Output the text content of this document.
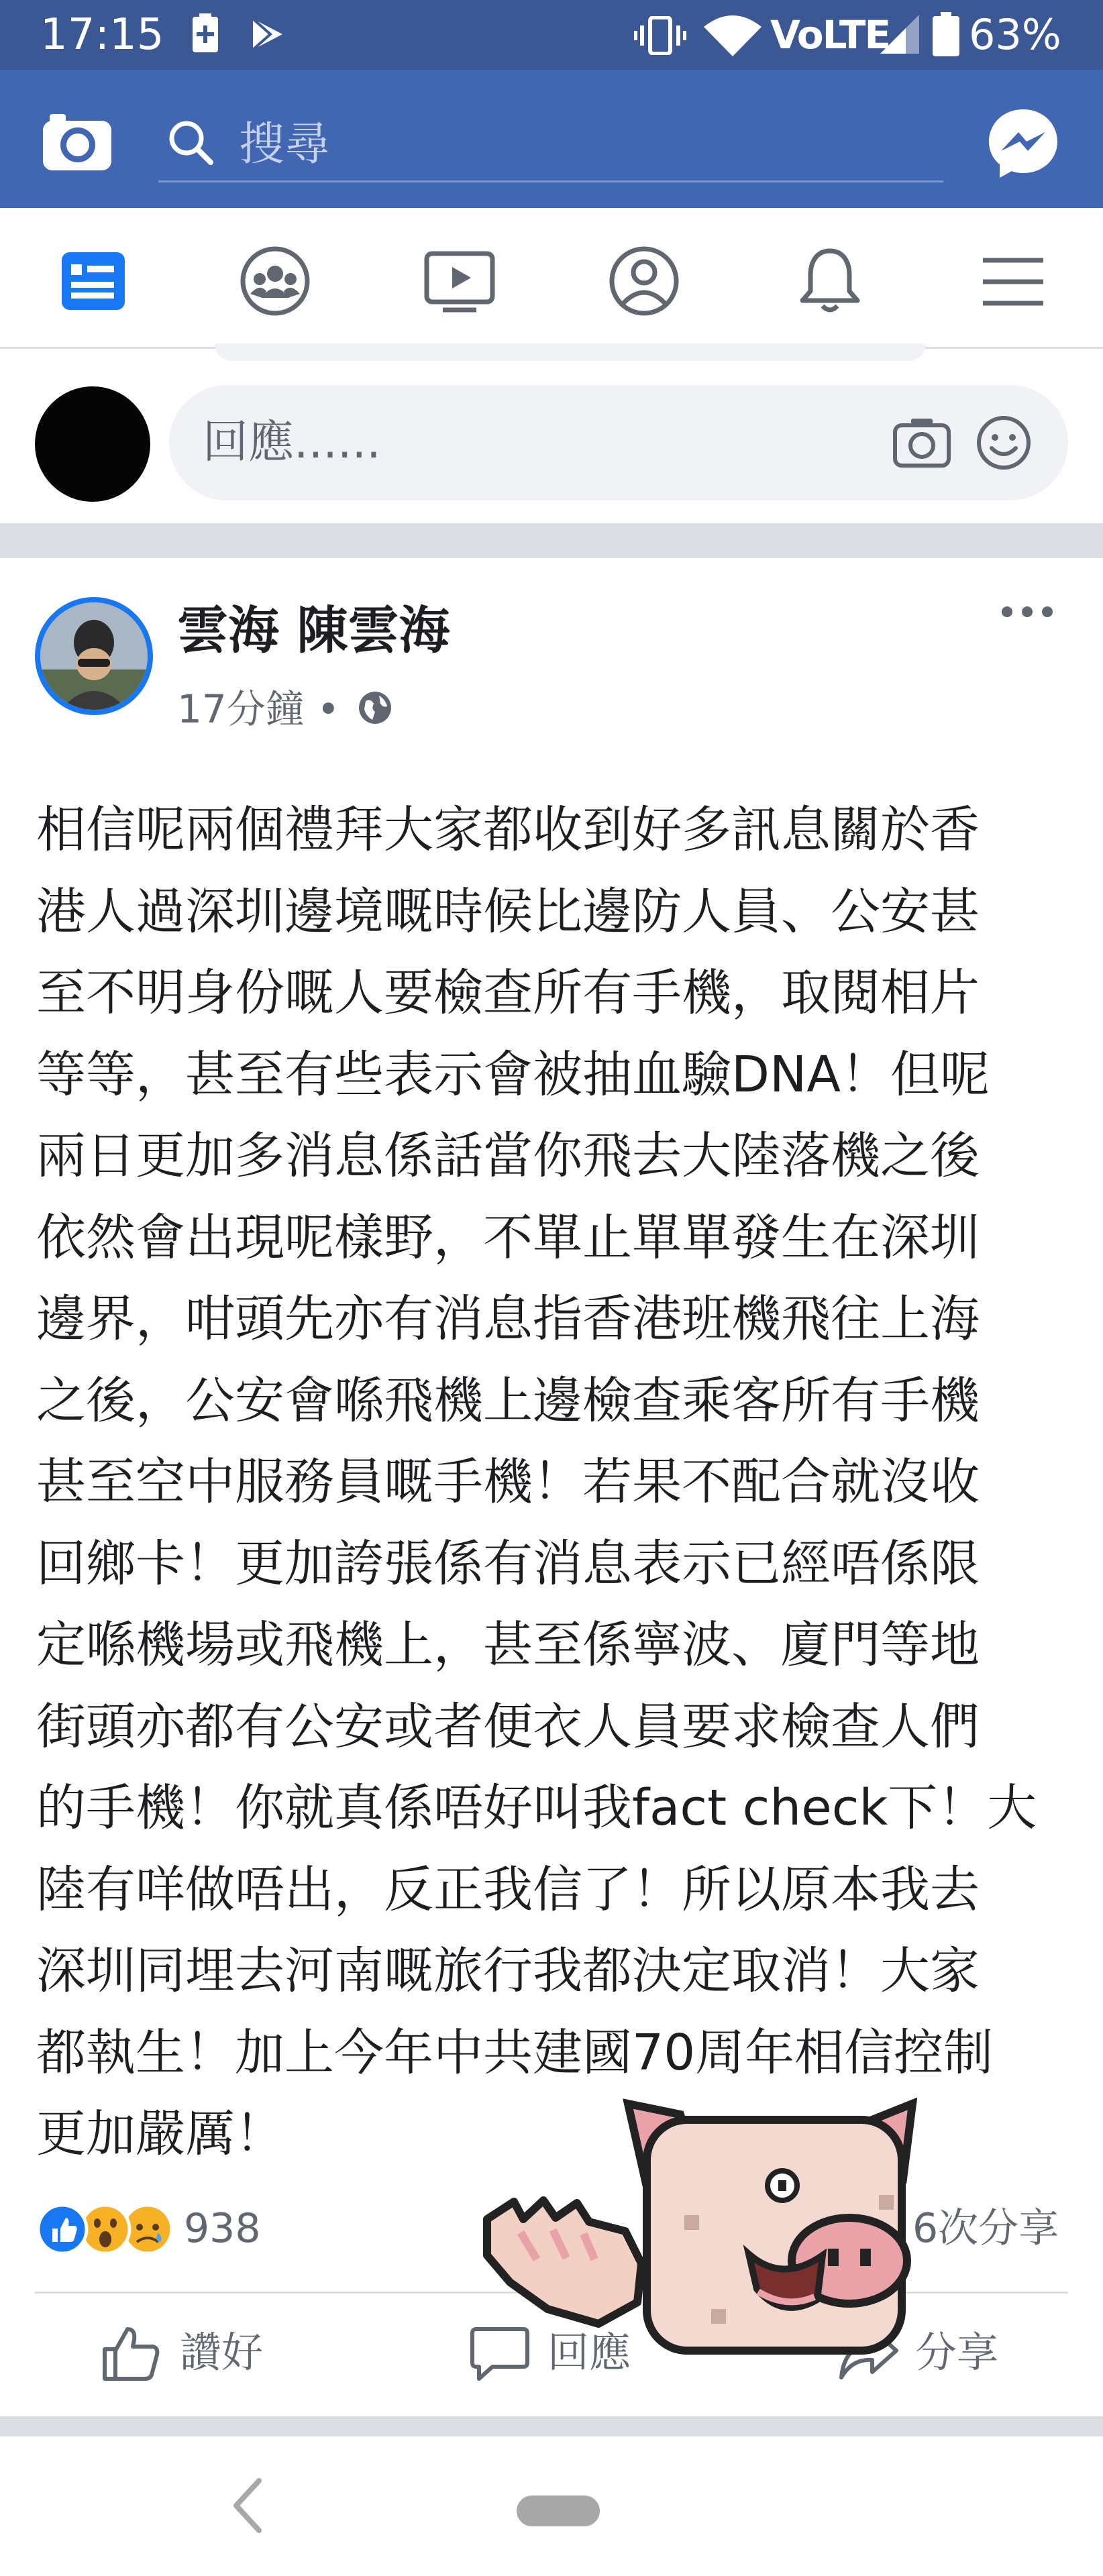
17:15	VoLTE 63%
搜尋
回應......
雲海 陳雲海
17分鐘 •
相信呢兩個禮拜大家都收到好多訊息關於香
港人過深圳邊境嘅時候比邊防人員、公安甚
至不明身份嘅人要檢查所有手機，取閱相片
等等，甚至有些表示會被抽血驗DNA！但呢
兩日更加多消息係話當你飛去大陸落機之後
依然會出現呢樣野，不單止單單發生在深圳
邊界，咁頭先亦有消息指香港班機飛往上海
之後，公安會喺飛機上邊檢查乘客所有手機
甚至空中服務員嘅手機！若果不配合就沒收
回鄉卡！更加誇張係有消息表示已經唔係限
定喺機場或飛機上，甚至係寧波、廈門等地
街頭亦都有公安或者便衣人員要求檢查人們
的手機！你就真係唔好叫我fact check下！大
陸有咩做唔出，反正我信了！所以原本我去
深圳同埋去河南嘅旅行我都決定取消！大家
都執生！加上今年中共建國70周年相信控制
更加嚴厲！
938	6次分享
讚好	回應	分享
